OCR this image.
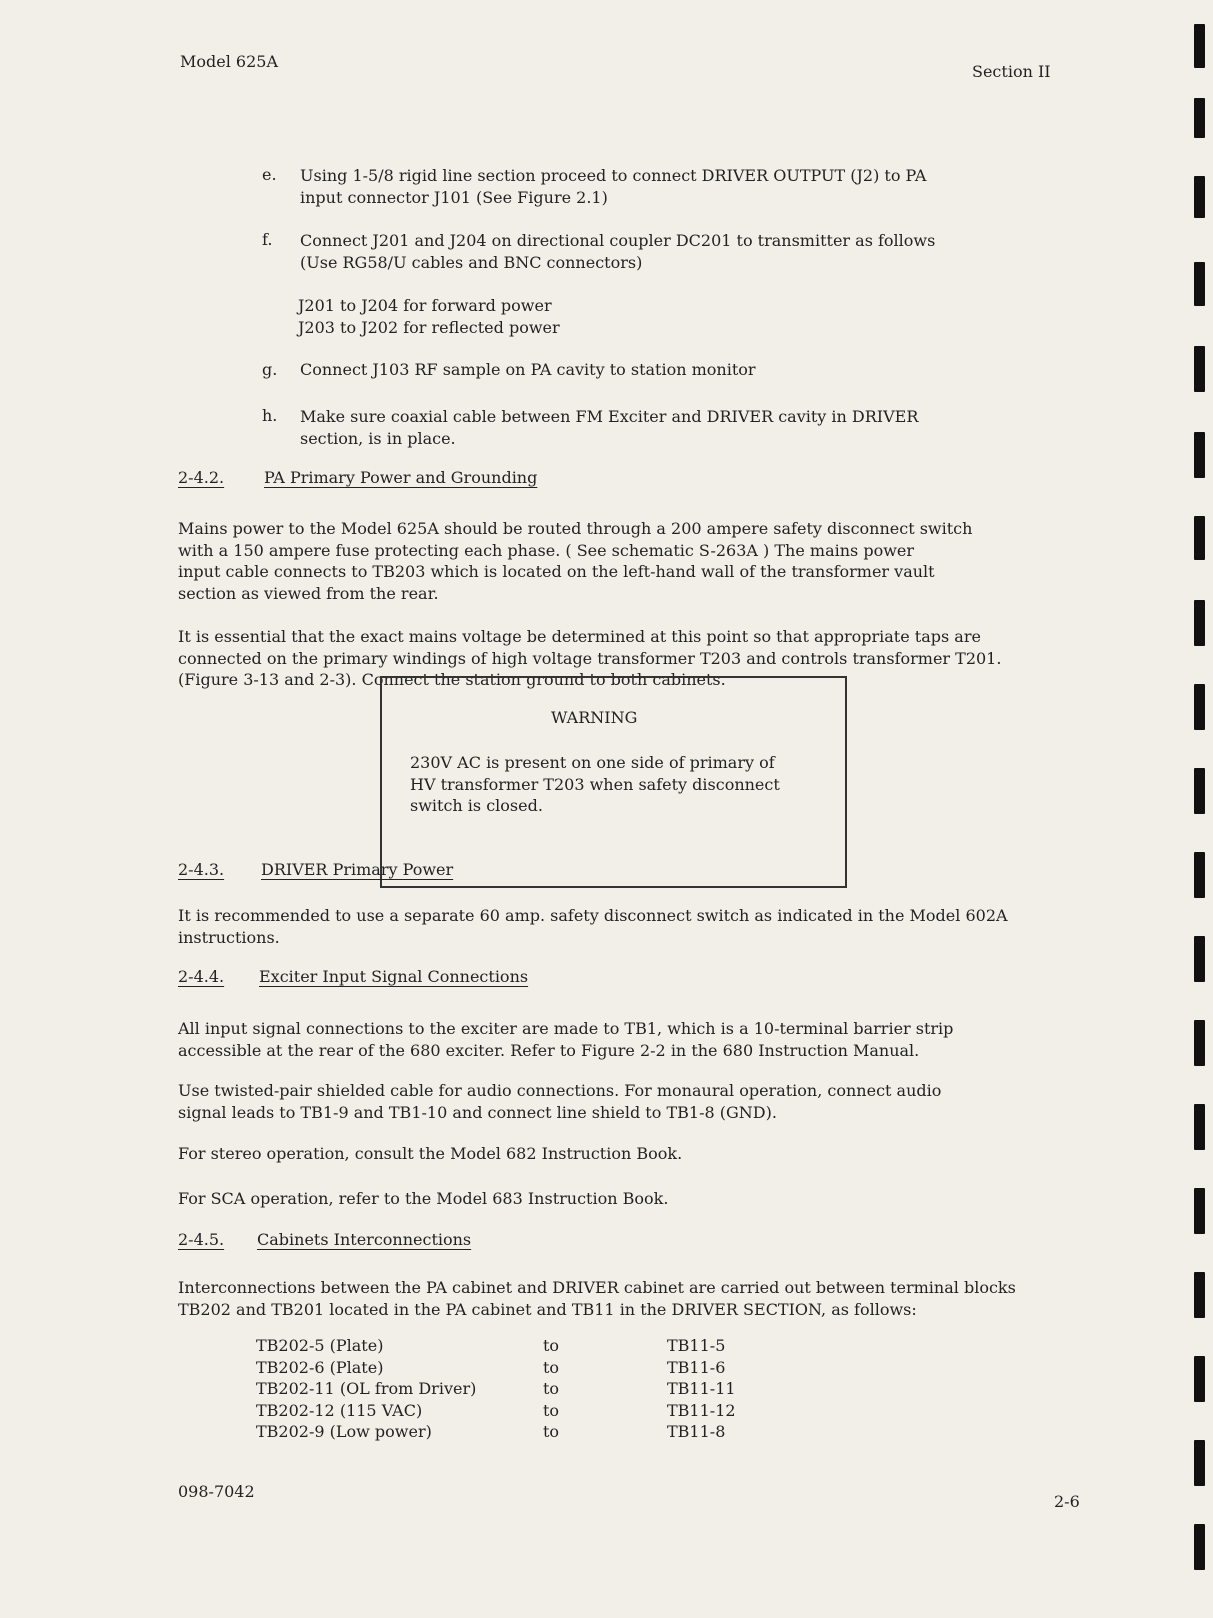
Model 625A
Section II
e. Using 1-5/8 rigid line section proceed to connect DRIVER OUTPUT (J2) to PA
input connector J101 (See Figure 2.1)
f. Connect J201 and J204 on directional coupler DC201 to transmitter as follows
(Use RG58/U cables and BNC connectors)
J201 to J204 for forward power
J203 to J202 for reflected power
g. Connect J103 RF sample on PA cavity to station monitor
h. Make sure coaxial cable between FM Exciter and DRIVER cavity in DRIVER
section, is in place.
2-4.2. PA Primary Power and Grounding
Mains power to the Model 625A should be routed through a 200 ampere safety disconnect switch
with a 150 ampere fuse protecting each phase. ( See schematic S-263A ) The mains power
input cable connects to TB203 which is located on the left-hand wall of the transformer vault
section as viewed from the rear.
It is essential that the exact mains voltage be determined at this point so that appropriate taps are
connected on the primary windings of high voltage transformer T203 and controls transformer T201.
(Figure 3-13 and 2-3). Connect the station ground to both cabinets.
WARNING
230V AC is present on one side of primary of
HV transformer T203 when safety disconnect
switch is closed.
2-4.3. DRIVER Primary Power
It is recommended to use a separate 60 amp. safety disconnect switch as indicated in the Model 602A
instructions.
2-4.4. Exciter Input Signal Connections
All input signal connections to the exciter are made to TB1, which is a 10-terminal barrier strip
accessible at the rear of the 680 exciter. Refer to Figure 2-2 in the 680 Instruction Manual.
Use twisted-pair shielded cable for audio connections. For monaural operation, connect audio
signal leads to TB1-9 and TB1-10 and connect line shield to TB1-8 (GND).
For stereo operation, consult the Model 682 Instruction Book.
For SCA operation, refer to the Model 683 Instruction Book.
2-4.5. Cabinets Interconnections
Interconnections between the PA cabinet and DRIVER cabinet are carried out between terminal blocks
TB202 and TB201 located in the PA cabinet and TB11 in the DRIVER SECTION, as follows:
TB202-5 (Plate)	to	TB11-5
TB202-6 (Plate)	to	TB11-6
TB202-11 (OL from Driver)	to	TB11-11
TB202-12 (115 VAC)	to	TB11-12
TB202-9 (Low power)	to	TB11-8
098-7042
2-6
